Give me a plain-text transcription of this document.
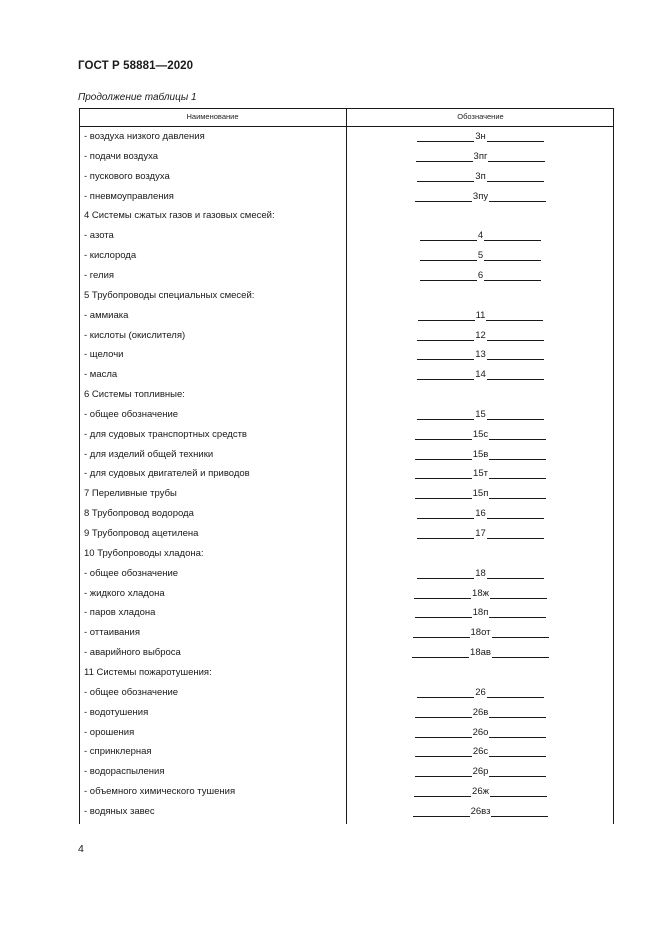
ГОСТ Р 58881—2020
Продолжение таблицы 1
Наименование	Обозначение
- воздуха низкого давления	3н
- подачи воздуха	3пг
- пускового воздуха	3п
- пневмоуправления	3пу
4 Системы сжатых газов и газовых смесей:
- азота	4
- кислорода	5
- гелия	6
5 Трубопроводы специальных смесей:
- аммиака	11
- кислоты (окислителя)	12
- щелочи	13
- масла	14
6 Системы топливные:
- общее обозначение	15
- для судовых транспортных средств	15с
- для изделий общей техники	15в
- для судовых двигателей и приводов	15т
7 Переливные трубы	15п
8 Трубопровод водорода	16
9 Трубопровод ацетилена	17
10 Трубопроводы хладона:
- общее обозначение	18
- жидкого хладона	18ж
- паров хладона	18п
- оттаивания	18от
- аварийного выброса	18ав
11 Системы пожаротушения:
- общее обозначение	26
- водотушения	26в
- орошения	26о
- спринклерная	26с
- водораспыления	26р
- объемного химического тушения	26ж
- водяных завес	26вз
4
